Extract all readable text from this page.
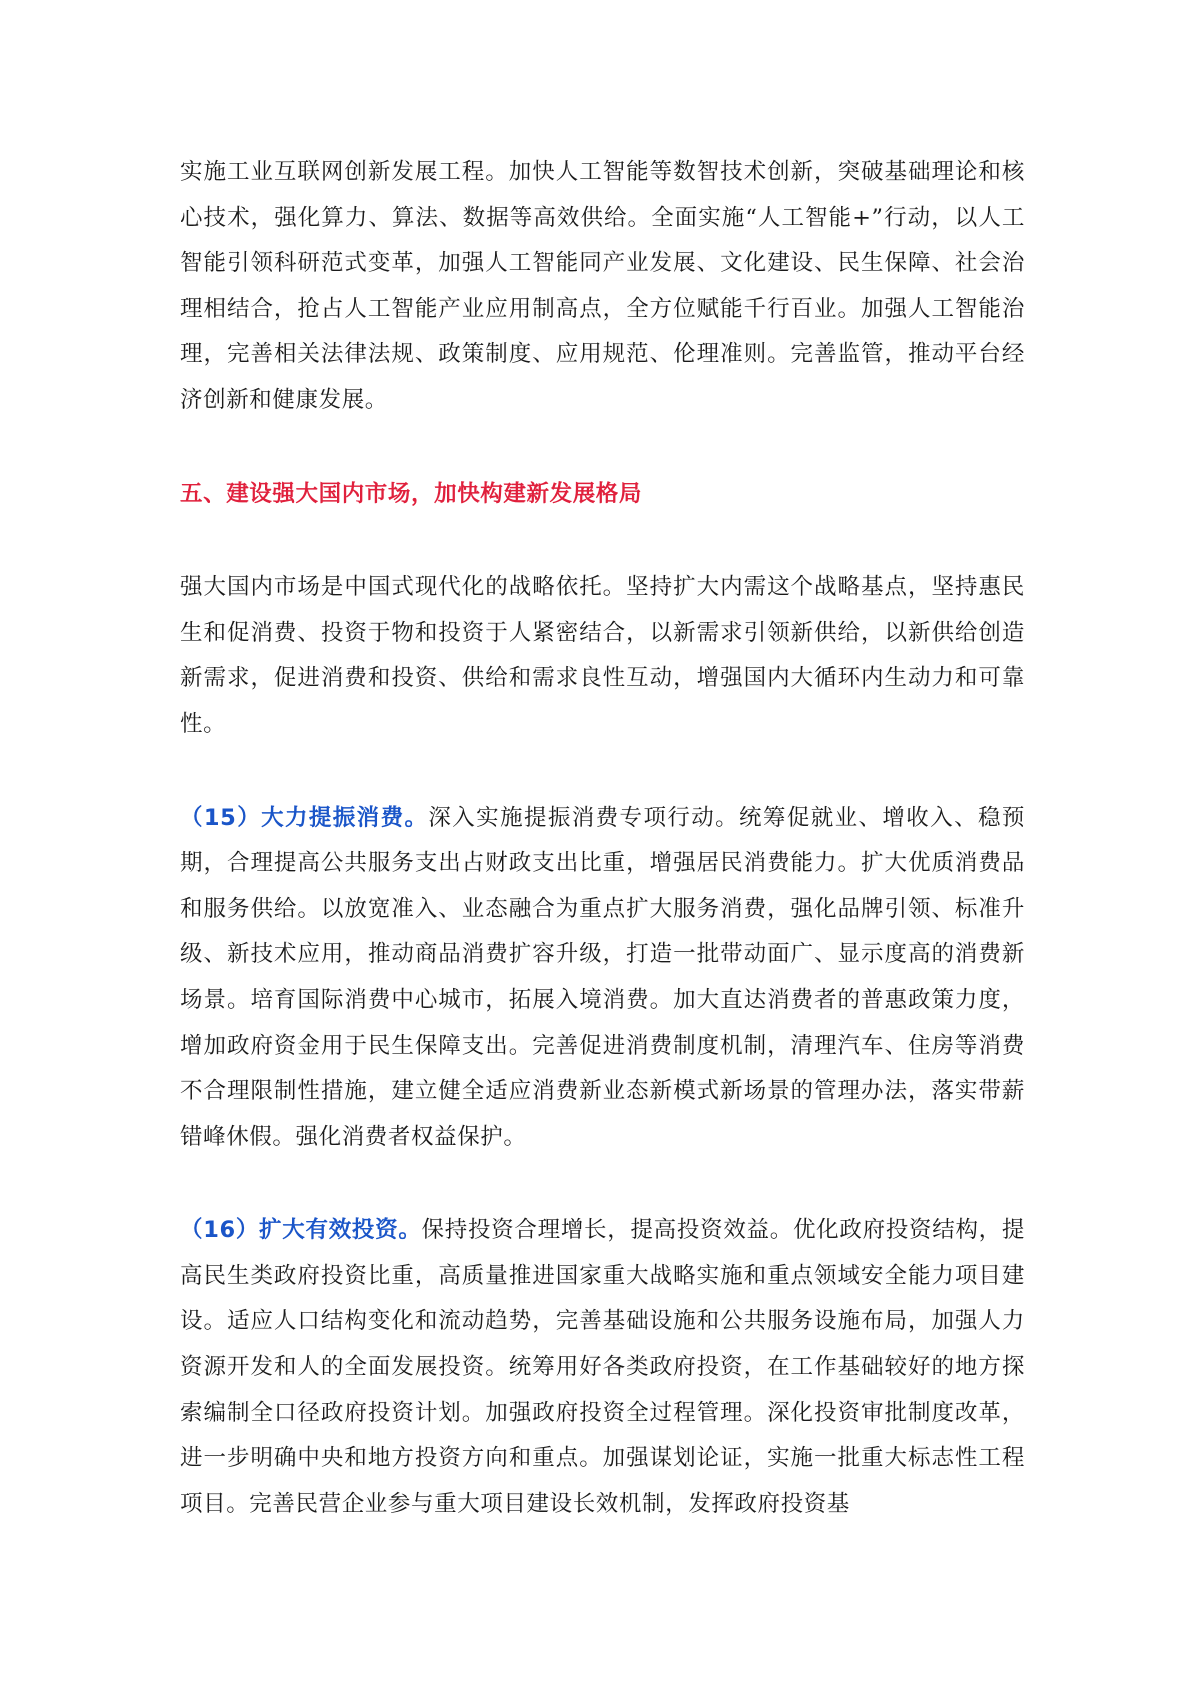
实施工业互联网创新发展工程。加快人工智能等数智技术创新，突破基础理论和核心技术，强化算力、算法、数据等高效供给。全面实施“人工智能+”行动，以人工智能引领科研范式变革，加强人工智能同产业发展、文化建设、民生保障、社会治理相结合，抢占人工智能产业应用制高点，全方位赋能千行百业。加强人工智能治理，完善相关法律法规、政策制度、应用规范、伦理准则。完善监管，推动平台经济创新和健康发展。

五、建设强大国内市场，加快构建新发展格局

强大国内市场是中国式现代化的战略依托。坚持扩大内需这个战略基点，坚持惠民生和促消费、投资于物和投资于人紧密结合，以新需求引领新供给，以新供给创造新需求，促进消费和投资、供给和需求良性互动，增强国内大循环内生动力和可靠性。

（15）大力提振消费。深入实施提振消费专项行动。统筹促就业、增收入、稳预期，合理提高公共服务支出占财政支出比重，增强居民消费能力。扩大优质消费品和服务供给。以放宽准入、业态融合为重点扩大服务消费，强化品牌引领、标准升级、新技术应用，推动商品消费扩容升级，打造一批带动面广、显示度高的消费新场景。培育国际消费中心城市，拓展入境消费。加大直达消费者的普惠政策力度，增加政府资金用于民生保障支出。完善促进消费制度机制，清理汽车、住房等消费不合理限制性措施，建立健全适应消费新业态新模式新场景的管理办法，落实带薪错峰休假。强化消费者权益保护。

（16）扩大有效投资。保持投资合理增长，提高投资效益。优化政府投资结构，提高民生类政府投资比重，高质量推进国家重大战略实施和重点领域安全能力项目建设。适应人口结构变化和流动趋势，完善基础设施和公共服务设施布局，加强人力资源开发和人的全面发展投资。统筹用好各类政府投资，在工作基础较好的地方探索编制全口径政府投资计划。加强政府投资全过程管理。深化投资审批制度改革，进一步明确中央和地方投资方向和重点。加强谋划论证，实施一批重大标志性工程项目。完善民营企业参与重大项目建设长效机制，发挥政府投资基
